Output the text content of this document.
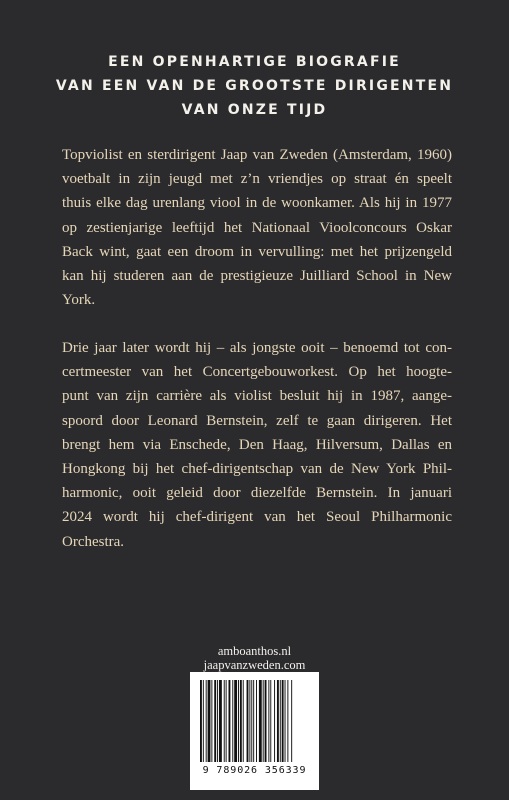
EEN OPENHARTIGE BIOGRAFIE
VAN EEN VAN DE GROOTSTE DIRIGENTEN
VAN ONZE TIJD
Topviolist en sterdirigent Jaap van Zweden (Amsterdam, 1960)
voetbalt in zijn jeugd met z’n vriendjes op straat én speelt
thuis elke dag urenlang viool in de woonkamer. Als hij in 1977
op zestienjarige leeftijd het Nationaal Vioolconcours Oskar
Back wint, gaat een droom in vervulling: met het prijzengeld
kan hij studeren aan de prestigieuze Juilliard School in New
York.
Drie jaar later wordt hij – als jongste ooit – benoemd tot con-
certmeester van het Concertgebouworkest. Op het hoogte-
punt van zijn carrière als violist besluit hij in 1987, aange-
spoord door Leonard Bernstein, zelf te gaan dirigeren. Het
brengt hem via Enschede, Den Haag, Hilversum, Dallas en
Hongkong bij het chef-dirigentschap van de New York Phil-
harmonic, ooit geleid door diezelfde Bernstein. In januari
2024 wordt hij chef-dirigent van het Seoul Philharmonic
Orchestra.
amboanthos.nl
jaapvanzweden.com
9 789026 356339
